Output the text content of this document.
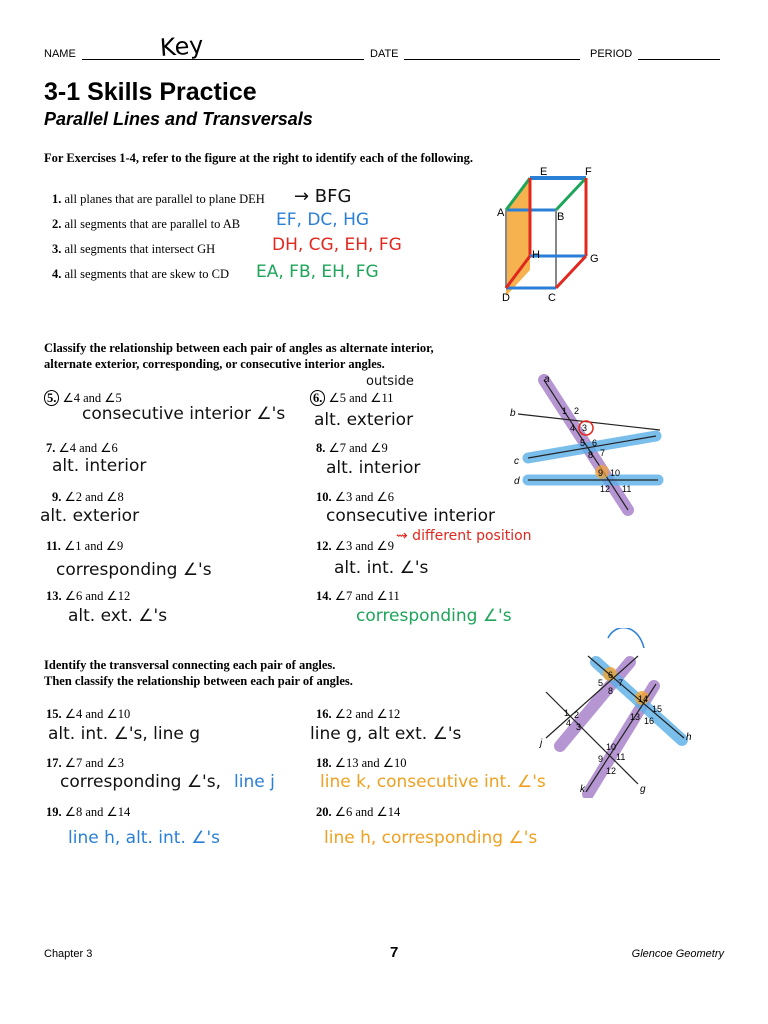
NAME	Key	DATE	PERIOD
3-1 Skills Practice
Parallel Lines and Transversals
For Exercises 1-4, refer to the figure at the right to identify each of the following.
1. all planes that are parallel to plane DEH → BFG
2. all segments that are parallel to AB EF, DC, HG
3. all segments that intersect GH	DH, CG, EH, FG
4. all segments that are skew to CD EA, FB, EH, FG
E	F
A	B
H	G
D	C
Classify the relationship between each pair of angles as alternate interior,
alternate exterior, corresponding, or consecutive interior angles.
5. ∠4 and ∠5
consecutive interior ∠'s
6. ∠5 and ∠11
outside
alt. exterior
7. ∠4 and ∠6
alt. interior
8. ∠7 and ∠9
alt. interior
9. ∠2 and ∠8
alt. exterior
10. ∠3 and ∠6
consecutive interior
11. ∠1 and ∠9
corresponding ∠'s
12. ∠3 and ∠9
⇝ different position
alt. int. ∠'s
13. ∠6 and ∠12
alt. ext. ∠'s
14. ∠7 and ∠11
corresponding ∠'s
a
b
c
d
1 2
3
4
5 6
7
8
9 10
11
12
Identify the transversal connecting each pair of angles.
Then classify the relationship between each pair of angles.
15. ∠4 and ∠10
alt. int. ∠'s, line g
16. ∠2 and ∠12
line g, alt ext. ∠'s
17. ∠7 and ∠3
corresponding ∠'s, line j
18. ∠13 and ∠10
line k, consecutive int. ∠'s
19. ∠8 and ∠14
line h, alt. int. ∠'s
20. ∠6 and ∠14
line h, corresponding ∠'s
j
k	g
h
1 2
3
4
5
6
7
8
9
10
11
12
13
14
15
16
Chapter 3	7	Glencoe Geometry
